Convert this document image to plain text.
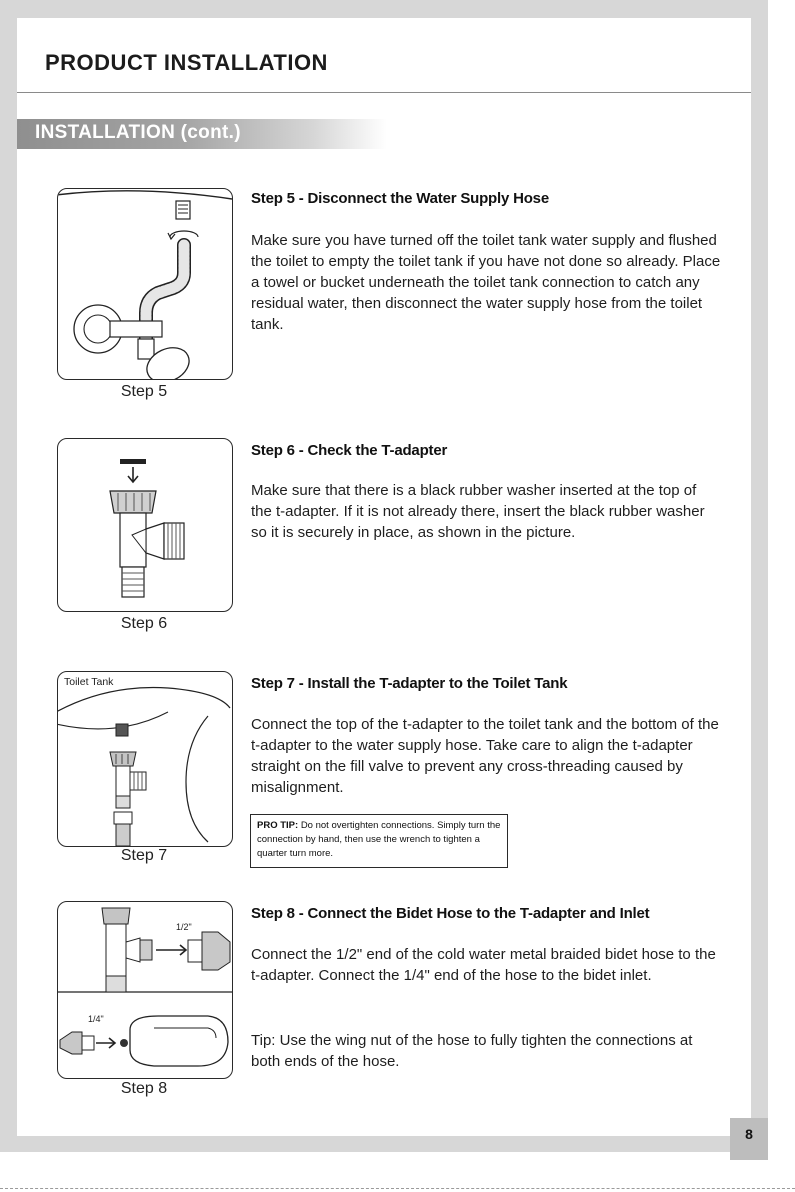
PRODUCT INSTALLATION
INSTALLATION (cont.)
Step 5
Step 5 - Disconnect the Water Supply Hose
Make sure you have turned off the toilet tank water supply and flushed the toilet to empty the toilet tank if you have not done so already. Place a towel or bucket underneath the toilet tank connection to catch any residual water, then disconnect the water supply hose from the toilet tank.
Step 6
Step 6 - Check the T-adapter
Make sure that there is a black rubber washer inserted at the top of the t-adapter. If it is not already there, insert the black rubber washer so it is securely in place, as shown in the picture.
Toilet Tank
Step 7
Step 7 - Install the T-adapter to the Toilet Tank
Connect the top of the t-adapter to the toilet tank and the bottom of the t-adapter to the water supply hose. Take care to align the t-adapter straight on the fill valve to prevent any cross-threading caused by misalignment.
PRO TIP: Do not overtighten connections. Simply turn the connection by hand, then use the wrench to tighten a quarter turn more.
1/2"
1/4"
Step 8
Step 8 - Connect the Bidet Hose to the T-adapter and Inlet
Connect the 1/2" end of the cold water metal braided bidet hose to the t-adapter. Connect the 1/4" end of the hose to the bidet inlet.
Tip: Use the wing nut of the hose to fully tighten the connections at both ends of the hose.
8
